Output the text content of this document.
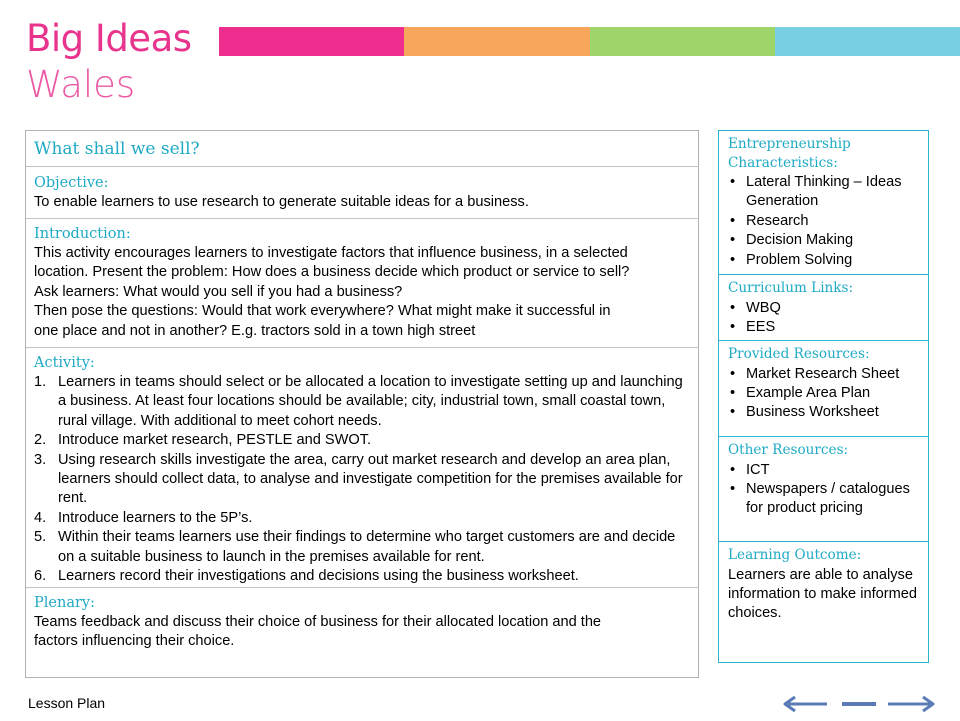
Big Ideas
Wales
What shall we sell?
Objective:
To enable learners to use research to generate suitable ideas for a business.
Introduction:
This activity encourages learners to investigate factors that influence business, in a selected
location. Present the problem: How does a business decide which product or service to sell?
Ask learners: What would you sell if you had a business?
Then pose the questions: Would that work everywhere? What might make it successful in
one place and not in another? E.g. tractors sold in a town high street
Activity:
1. Learners in teams should select or be allocated a location to investigate setting up and launching a business. At least four locations should be available; city, industrial town, small coastal town, rural village. With additional to meet cohort needs.
2. Introduce market research, PESTLE and SWOT.
3. Using research skills investigate the area, carry out market research and develop an area plan, learners should collect data, to analyse and investigate competition for the premises available for rent.
4. Introduce learners to the 5P’s.
5. Within their teams learners use their findings to determine who target customers are and decide on a suitable business to launch in the premises available for rent.
6. Learners record their investigations and decisions using the business worksheet.
Plenary:
Teams feedback and discuss their choice of business for their allocated location and the
factors influencing their choice.
Entrepreneurship
Characteristics:
• Lateral Thinking – Ideas Generation
• Research
• Decision Making
• Problem Solving
Curriculum Links:
• WBQ
• EES
Provided Resources:
• Market Research Sheet
• Example Area Plan
• Business Worksheet
Other Resources:
• ICT
• Newspapers / catalogues for product pricing
Learning Outcome:
Learners are able to analyse information to make informed choices.
Lesson Plan
